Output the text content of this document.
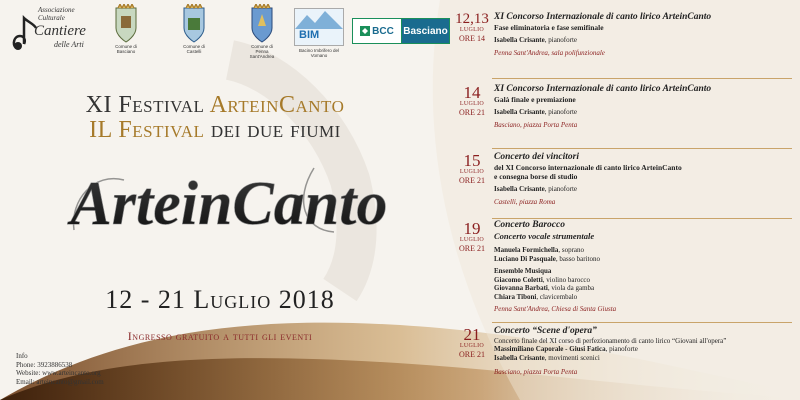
Associazione
Culturale
Cantiere
delle Arti	Comune di Basciano
Comune di Castelli
Comune di Penna Sant'Andrea
BIM
Bacino Imbrifero del Vomano
BCC Basciano
XI Festival ArteinCanto
IL Festival dei due fiumi
ArteinCanto
12 - 21 Luglio 2018
Ingresso gratuito a tutti gli eventi
Info
Phone: 3923886538
Website: www.arteincanto.org
Email: arteincanto@gmail.com
12,13
LUGLIO
ORE 14
XI Concorso Internazionale di canto lirico ArteinCanto
Fase eliminatoria e fase semifinale
Isabella Crisante, pianoforte
Penna Sant'Andrea, sala polifunzionale
14
LUGLIO
ORE 21
XI Concorso Internazionale di canto lirico ArteinCanto
Galà finale e premiazione
Isabella Crisante, pianoforte
Basciano, piazza Porta Penta
15
LUGLIO
ORE 21
Concerto dei vincitori
del XI Concorso internazionale di canto lirico ArteinCanto
e consegna borse di studio
Isabella Crisante, pianoforte
Castelli, piazza Roma
19
LUGLIO
ORE 21
Concerto Barocco
Concerto vocale strumentale
Manuela Formichella, soprano
Luciano Di Pasquale, basso baritono
Ensemble Musiqua
Giacomo Coletti, violino barocco
Giovanna Barbati, viola da gamba
Chiara Tiboni, clavicembalo
Penna Sant'Andrea, Chiesa di Santa Giusta
21
LUGLIO
ORE 21
Concerto “Scene d'opera”
Concerto finale del XI corso di perfezionamento di canto lirico “Giovani all'opera”
Massimiliano Caporale - Giusi Fatica, pianoforte
Isabella Crisante, movimenti scenici
Basciano, piazza Porta Penta
